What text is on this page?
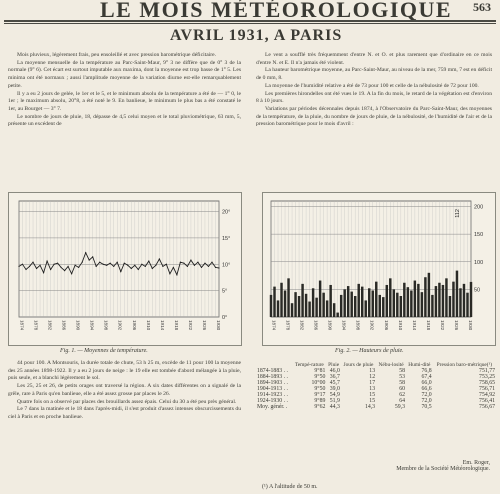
LE MOIS MÉTÉOROLOGIQUE 563
AVRIL 1931, A PARIS

Mois pluvieux, légèrement frais, peu ensoleillé et avec pression barométrique déficitaire.

La moyenne mensuelle de la température au Parc-Saint-Maur, 9° 3 ne diffère que de 0° 3 de la normale (9° 6). Cet écart est surtout imputable aux maxima, dont la moyenne est trop basse de 1° 5. Les minima ont été normaux ; aussi l'amplitude moyenne de la variation diurne est-elle remarquablement petite.

Il y a eu 2 jours de gelée, le 1er et le 5, et le minimum absolu de la température a été de — 1° 0, le 1er ; le maximum absolu, 20°8, a été noté le 9. En banlieue, le minimum le plus bas a été constaté le 1er, au Bourget — 3° 7.

Le nombre de jours de pluie, 18, dépasse de 4,5 celui moyen et le total pluviométrique, 63 mm, 5, présente un excédent de

Le vent a soufflé très fréquemment d'entre N. et O. et plus rarement que d'ordinaire en ce mois d'entre N. et E. Il n'a jamais été violent.

La hauteur barométrique moyenne, au Parc-Saint-Maur, au niveau de la mer, 759 mm, 7 est en déficit de 0 mm, 8.

La moyenne de l'humidité relative a été de 73 pour 100 et celle de la nébulosité de 72 pour 100.

Les premières hirondelles ont été vues le 19. A la fin du mois, le retard de la végétation est d'environ 8 à 10 jours.

Variations par périodes décennales depuis 1874, à l'Observatoire du Parc-Saint-Maur, des moyennes de la température, de la pluie, du nombre de jours de pluie, de la nébulosité, de l'humidité de l'air et de la pression barométrique pour le mois d'avril :

1874 1878 1882 1886 1890 1894 1898 1902 1906 1910 1914 1918 1922 1926 1930
20°
15°
10°
5°
0°
Fig. 1. — Moyennes de température.
1874 1878 1882 1886 1890 1894 1898 1902 1906 1910 1914 1918 1922 1926 1930
200
150
100
50
112
Fig. 2. — Hauteurs de pluie.

44 pour 100. A Montsouris, la durée totale de chute, 53 h 25 m, excède de 11 pour 100 la moyenne des 25 années 1898-1922. Il y a eu 2 jours de neige : le 19 elle est tombée d'abord mélangée à la pluie, puis seule, et a blanchi légèrement le sol.

Les 25, 25 et 26, de petits orages ont traversé la région. A six dates différentes on a signalé de la grêle, rare à Paris qu'en banlieue, elle a été assez grosse par places le 26.

Quatre fois on a observé par places des brouillards assez épais. Celui du 30 a été peu près général.

Le 7 dans la matinée et le 18 dans l'après-midi, il s'est produit d'assez intenses obscurcissements du ciel à Paris et en proche banlieue.

	Tempé-rature	Pluie	Jours de pluie	Nébu-losité	Humi-dité	Pression baro-métrique(¹)
1874-1883 . .	9°81	46,0	13	58	76,8	751,77
1884-1893 . .	9°50	36,7	12	53	67,4	753,25
1894-1903 . .	10°00	45,7	17	58	66,0	758,65
1904-1913 . .	9°50	39,0	13	60	66,6	756,71
1914-1923 . .	9°17	54,9	15	62	72,0	754,92
1924-1930 . .	9°89	51,9	15	64	72,0	756,41
Moy. génér. .	9°62	44,3	14,3	59,3	70,5	756,67
Em. Roger,
Membre de la Société Météorologique.
(¹) A l'altitude de 50 m.
